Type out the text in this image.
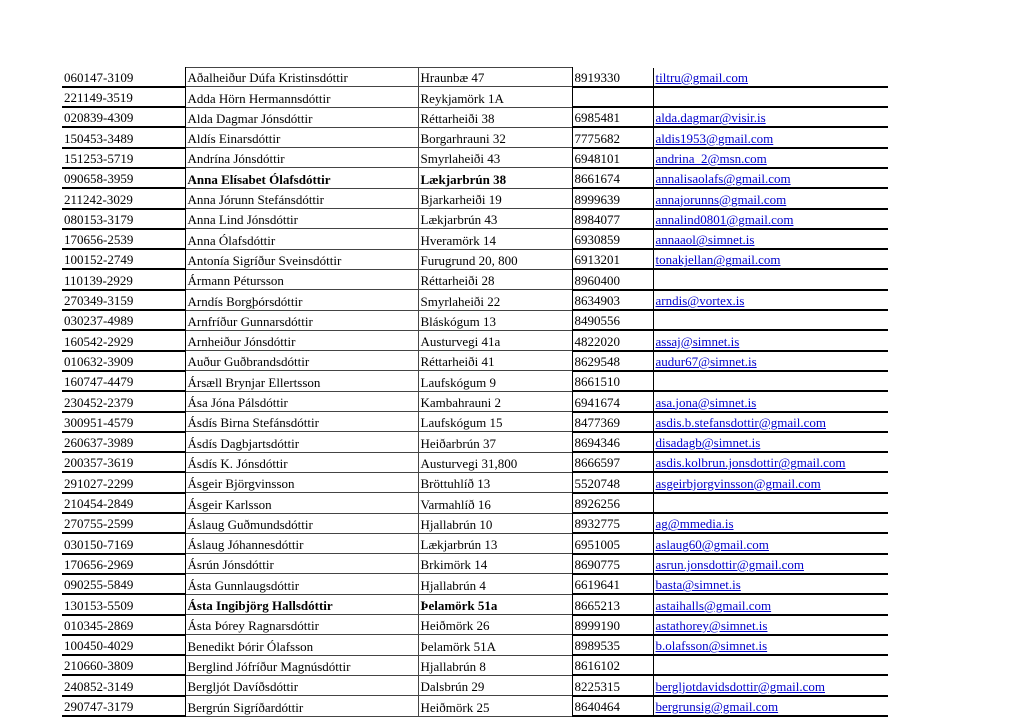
060147-3109	Aðalheiður Dúfa Kristinsdóttir	Hraunbæ 47	8919330	tiltru@gmail.com
221149-3519	Adda Hörn Hermannsdóttir	Reykjamörk 1A		
020839-4309	Alda Dagmar Jónsdóttir	Réttarheiði 38	6985481	alda.dagmar@visir.is
150453-3489	Aldís Einarsdóttir	Borgarhrauni 32	7775682	aldis1953@gmail.com
151253-5719	Andrína Jónsdóttir	Smyrlaheiði 43	6948101	andrina_2@msn.com
090658-3959	Anna Elísabet Ólafsdóttir	Lækjarbrún 38	8661674	annalisaolafs@gmail.com
211242-3029	Anna Jórunn Stefánsdóttir	Bjarkarheiði 19	8999639	annajorunns@gmail.com
080153-3179	Anna Lind Jónsdóttir	Lækjarbrún 43	8984077	annalind0801@gmail.com
170656-2539	Anna Ólafsdóttir	Hveramörk 14	6930859	annaaol@simnet.is
100152-2749	Antonía Sigríður Sveinsdóttir	Furugrund 20, 800	6913201	tonakjellan@gmail.com
110139-2929	Ármann Pétursson	Réttarheiði 28	8960400	
270349-3159	Arndís Borgþórsdóttir	Smyrlaheiði 22	8634903	arndis@vortex.is
030237-4989	Arnfríður Gunnarsdóttir	Bláskógum 13	8490556	
160542-2929	Arnheiður Jónsdóttir	Austurvegi 41a	4822020	assaj@simnet.is
010632-3909	Auður Guðbrandsdóttir	Réttarheiði 41	8629548	audur67@simnet.is
160747-4479	Ársæll Brynjar Ellertsson	Laufskógum 9	8661510	
230452-2379	Ása Jóna Pálsdóttir	Kambahrauni 2	6941674	asa.jona@simnet.is
300951-4579	Ásdís Birna Stefánsdóttir	Laufskógum 15	8477369	asdis.b.stefansdottir@gmail.com
260637-3989	Ásdís Dagbjartsdóttir	Heiðarbrún 37	8694346	disadagb@simnet.is
200357-3619	Ásdís K. Jónsdóttir	Austurvegi 31,800	8666597	asdis.kolbrun.jonsdottir@gmail.com
291027-2299	Ásgeir Björgvinsson	Bröttuhlíð 13	5520748	asgeirbjorgvinsson@gmail.com
210454-2849	Ásgeir Karlsson	Varmahlíð 16	8926256	
270755-2599	Áslaug Guðmundsdóttir	Hjallabrún 10	8932775	ag@mmedia.is
030150-7169	Áslaug Jóhannesdóttir	Lækjarbrún 13	6951005	aslaug60@gmail.com
170656-2969	Ásrún Jónsdóttir	Brkimörk 14	8690775	asrun.jonsdottir@gmail.com
090255-5849	Ásta Gunnlaugsdóttir	Hjallabrún 4	6619641	basta@simnet.is
130153-5509	Ásta Ingibjörg Hallsdóttir	Þelamörk 51a	8665213	astaihalls@gmail.com
010345-2869	Ásta Þórey Ragnarsdóttir	Heiðmörk 26	8999190	astathorey@simnet.is
100450-4029	Benedikt Þórir Ólafsson	Þelamörk 51A	8989535	b.olafsson@simnet.is
210660-3809	Berglind Jófríður Magnúsdóttir	Hjallabrún 8	8616102	
240852-3149	Bergljót Davíðsdóttir	Dalsbrún 29	8225315	bergljotdavidsdottir@gmail.com
290747-3179	Bergrún Sigríðardóttir	Heiðmörk 25	8640464	bergrunsig@gmail.com
